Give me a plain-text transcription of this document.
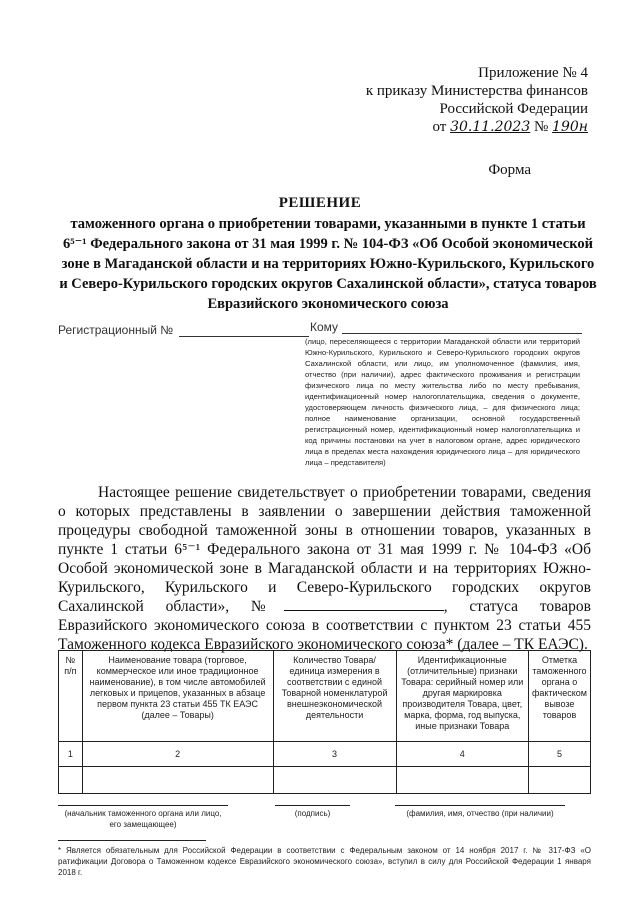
Приложение № 4
к приказу Министерства финансов
Российской Федерации
от 30.11.2023 № 190н
Форма
РЕШЕНИЕ
таможенного органа о приобретении товарами, указанными в пункте 1 статьи 6⁵⁻¹ Федерального закона от 31 мая 1999 г. № 104-ФЗ «Об Особой экономической зоне в Магаданской области и на территориях Южно-Курильского, Курильского и Северо-Курильского городских округов Сахалинской области», статуса товаров Евразийского экономического союза
Регистрационный №	Кому
(лицо, переселяющееся с территории Магаданской области или территорий Южно-Курильского, Курильского и Северо-Курильского городских округов Сахалинской области, или лицо, им уполномоченное (фамилия, имя, отчество (при наличии), адрес фактического проживания и регистрации физического лица по месту жительства либо по месту пребывания, идентификационный номер налогоплательщика, сведения о документе, удостоверяющем личность физического лица, – для физического лица; полное наименование организации, основной государственный регистрационный номер, идентификационный номер налогоплательщика и код причины постановки на учет в налоговом органе, адрес юридического лица в пределах места нахождения юридического лица – для юридического лица – представителя)
Настоящее решение свидетельствует о приобретении товарами, сведения о которых представлены в заявлении о завершении действия таможенной процедуры свободной таможенной зоны в отношении товаров, указанных в пункте 1 статьи 6⁵⁻¹ Федерального закона от 31 мая 1999 г. № 104-ФЗ «Об Особой экономической зоне в Магаданской области и на территориях Южно-Курильского, Курильского и Северо-Курильского городских округов Сахалинской области», №	, статуса товаров Евразийского экономического союза в соответствии с пунктом 23 статьи 455 Таможенного кодекса Евразийского экономического союза* (далее – ТК ЕАЭС).
№ п/п	Наименование товара (торговое, коммерческое или иное традиционное наименование), в том числе автомобилей легковых и прицепов, указанных в абзаце первом пункта 23 статьи 455 ТК ЕАЭС (далее – Товары)	Количество Товара/единица измерения в соответствии с единой Товарной номенклатурой внешнеэкономической деятельности	Идентификационные (отличительные) признаки Товара: серийный номер или другая маркировка производителя Товара, цвет, марка, форма, год выпуска, иные признаки Товара	Отметка таможенного органа о фактическом вывозе товаров
1	2	3	4	5

(начальник таможенного органа или лицо, его замещающее)
(подпись)	(фамилия, имя, отчество (при наличии)
* Является обязательным для Российской Федерации в соответствии с Федеральным законом от 14 ноября 2017 г. № 317-ФЗ «О ратификации Договора о Таможенном кодексе Евразийского экономического союза», вступил в силу для Российской Федерации 1 января 2018 г.
